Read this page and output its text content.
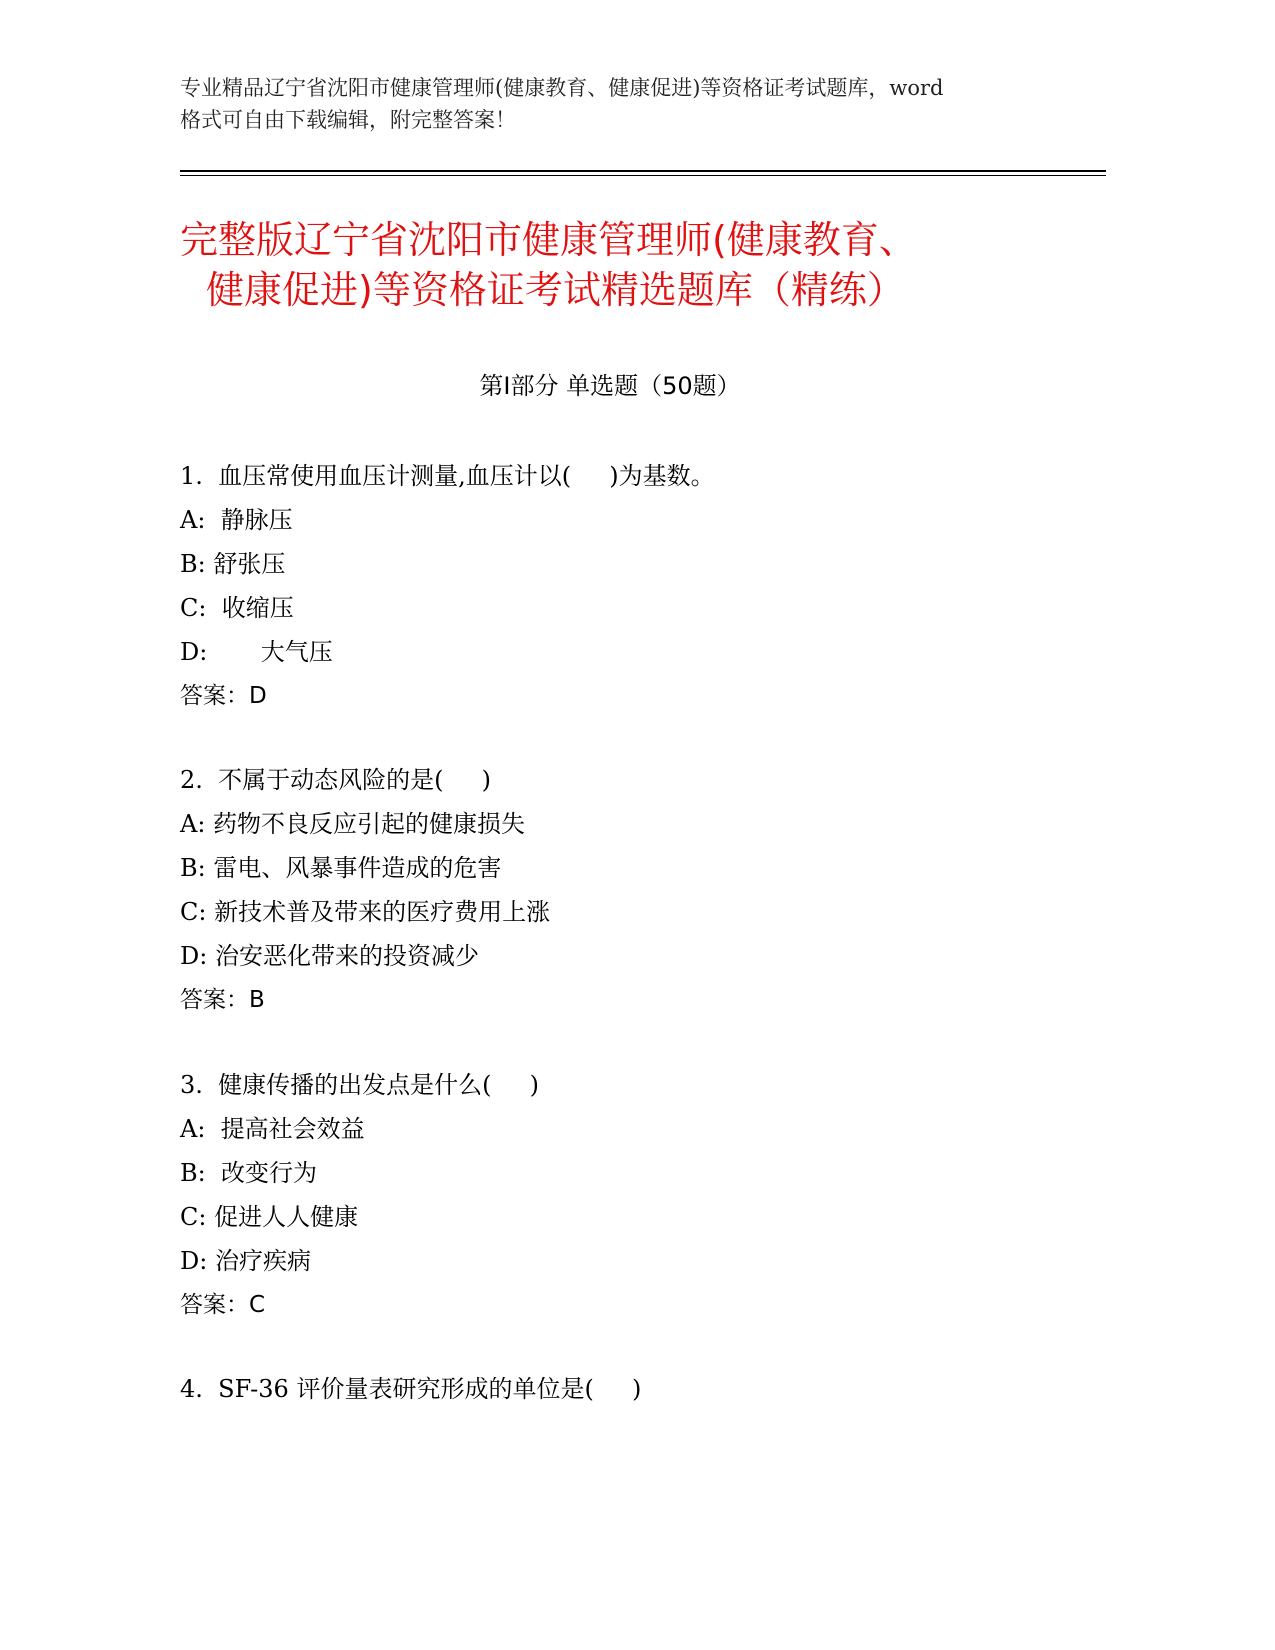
专业精品辽宁省沈阳市健康管理师(健康教育、健康促进)等资格证考试题库，word
格式可自由下载编辑，附完整答案！
完整版辽宁省沈阳市健康管理师(健康教育、
健康促进)等资格证考试精选题库（精练）
第Ⅰ部分 单选题（50题）
1.  血压常使用血压计测量,血压计以(     )为基数。
A:  静脉压
B: 舒张压
C:  收缩压
D:       大气压
答案：D
2.  不属于动态风险的是(     )
A: 药物不良反应引起的健康损失
B: 雷电、风暴事件造成的危害
C: 新技术普及带来的医疗费用上涨
D: 治安恶化带来的投资减少
答案：B
3.  健康传播的出发点是什么(     )
A:  提高社会效益
B:  改变行为
C: 促进人人健康
D: 治疗疾病
答案：C
4.  SF-36 评价量表研究形成的单位是(     )
